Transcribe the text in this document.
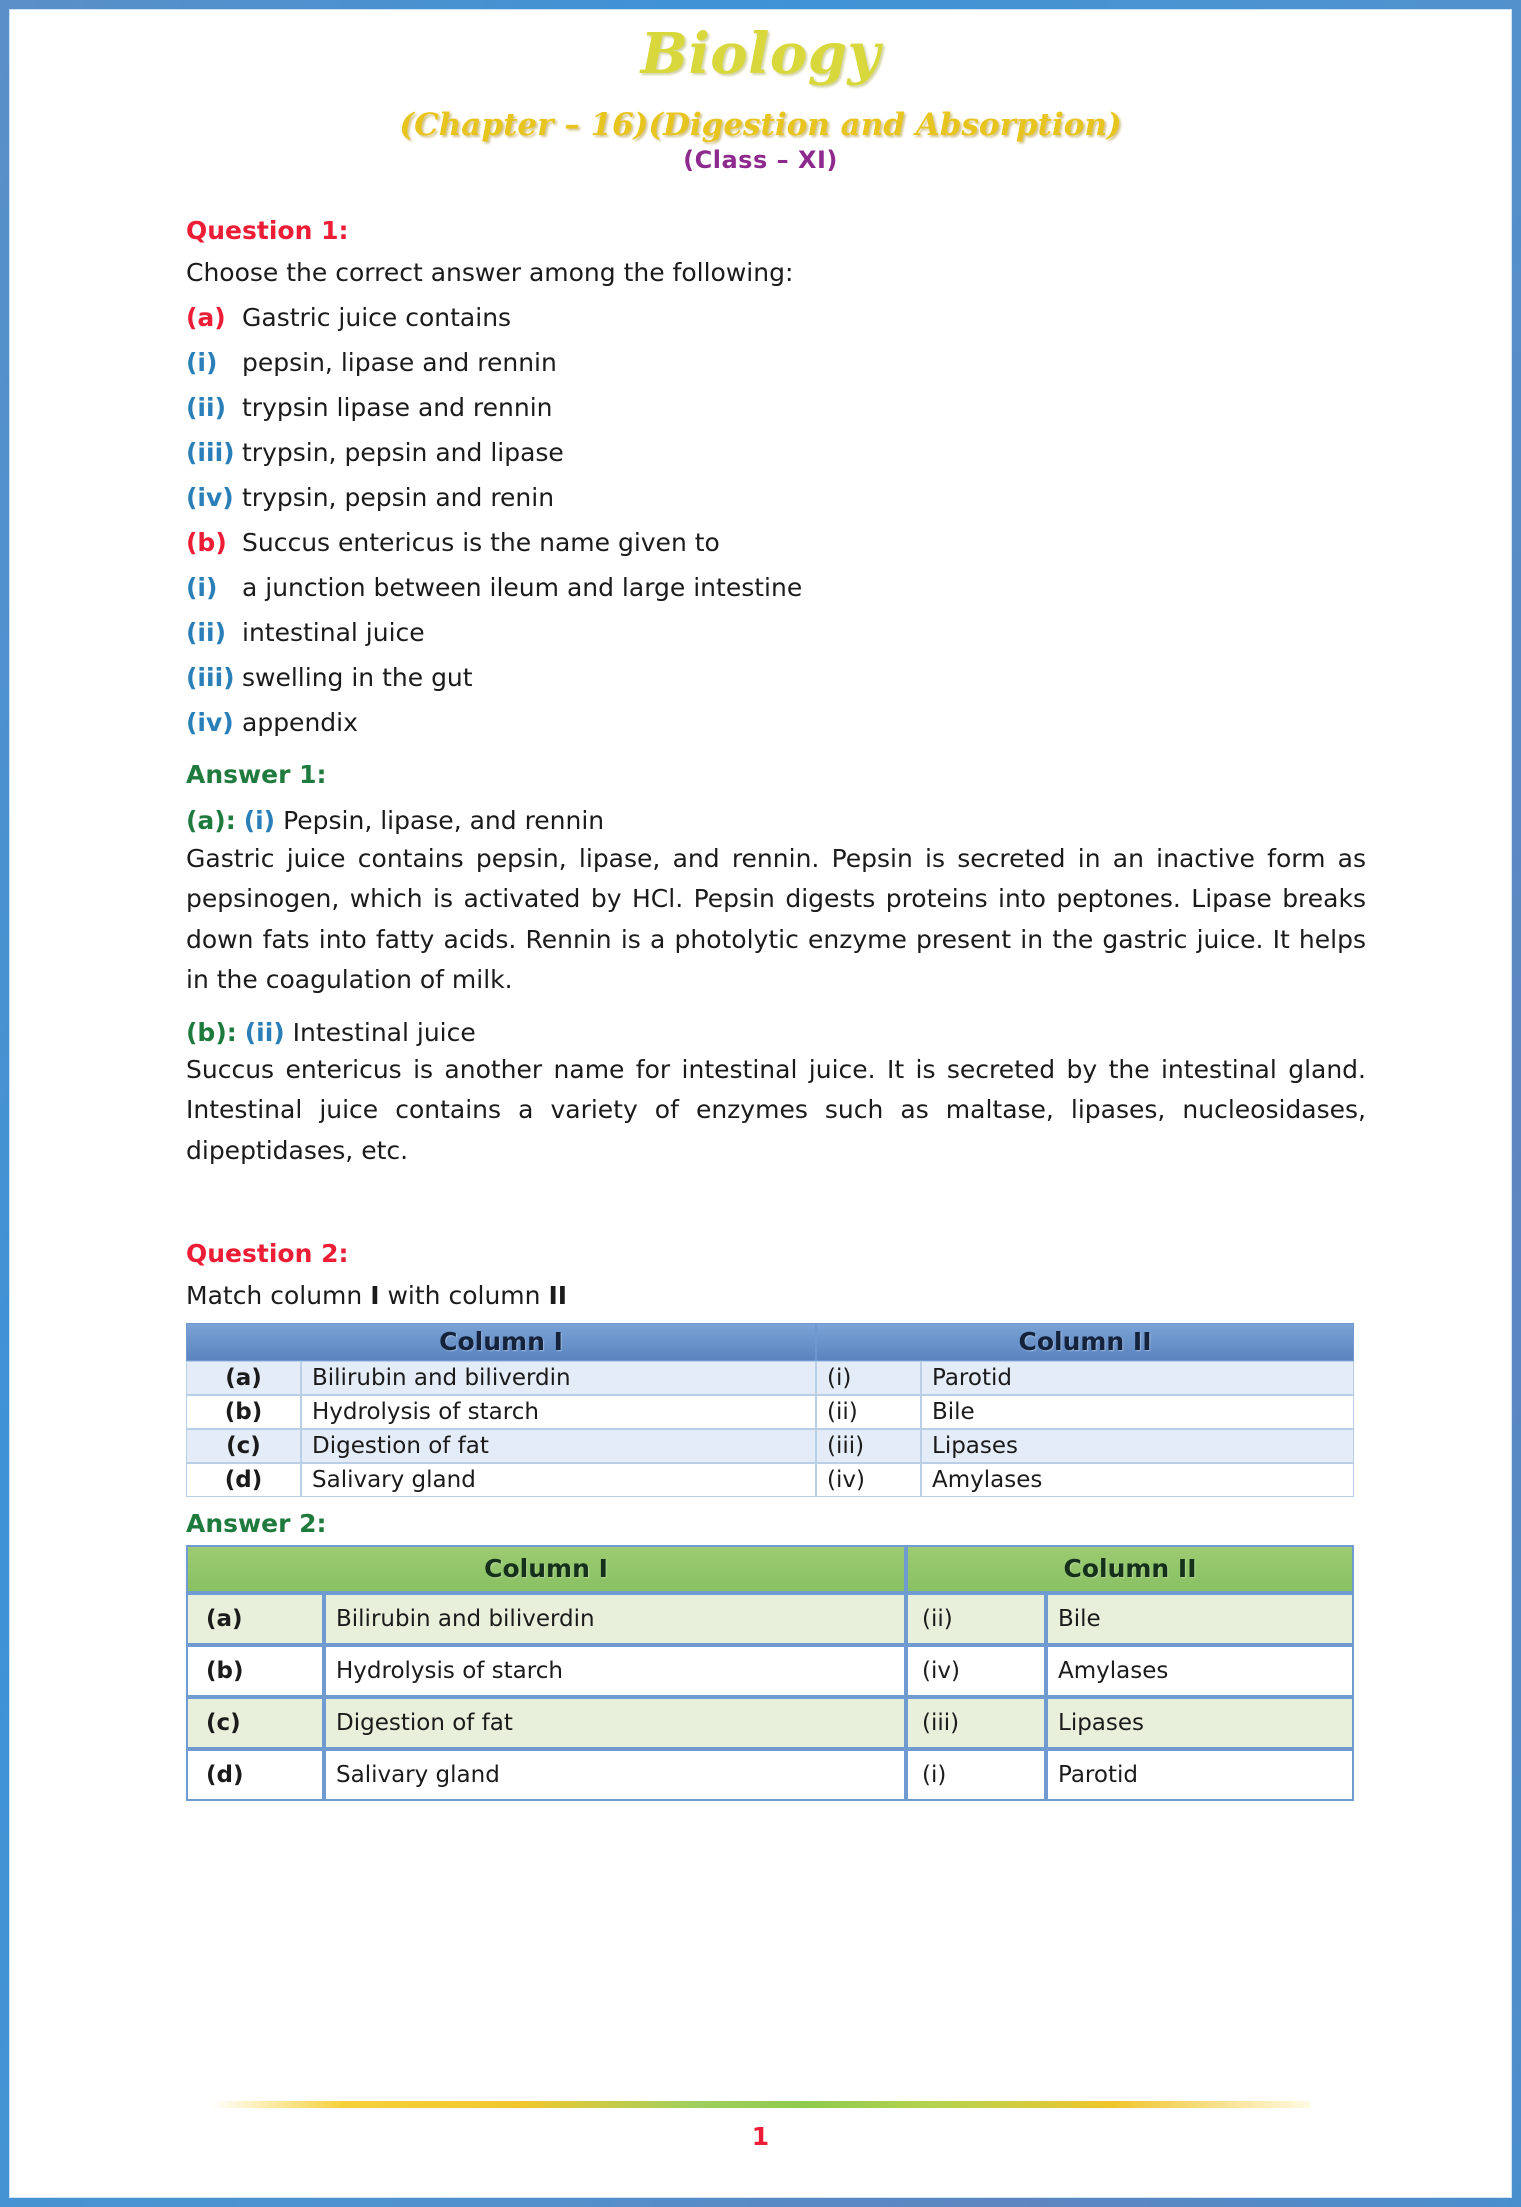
Biology
(Chapter – 16)(Digestion and Absorption)
(Class – XI)
Question 1:
Choose the correct answer among the following:
(a) Gastric juice contains
(i) pepsin, lipase and rennin
(ii) trypsin lipase and rennin
(iii) trypsin, pepsin and lipase
(iv) trypsin, pepsin and renin
(b) Succus entericus is the name given to
(i) a junction between ileum and large intestine
(ii) intestinal juice
(iii) swelling in the gut
(iv) appendix
Answer 1:
(a): (i) Pepsin, lipase, and rennin
Gastric juice contains pepsin, lipase, and rennin. Pepsin is secreted in an inactive form as pepsinogen, which is activated by HCl. Pepsin digests proteins into peptones. Lipase breaks down fats into fatty acids. Rennin is a photolytic enzyme present in the gastric juice. It helps in the coagulation of milk.
(b): (ii) Intestinal juice
Succus entericus is another name for intestinal juice. It is secreted by the intestinal gland. Intestinal juice contains a variety of enzymes such as maltase, lipases, nucleosidases, dipeptidases, etc.
Question 2:
Match column I with column II
Column I		Column II	
(a)	Bilirubin and biliverdin	(i)	Parotid
(b)	Hydrolysis of starch	(ii)	Bile
(c)	Digestion of fat	(iii)	Lipases
(d)	Salivary gland	(iv)	Amylases
Answer 2:
Column I		Column II	
(a)	Bilirubin and biliverdin	(ii)	Bile
(b)	Hydrolysis of starch	(iv)	Amylases
(c)	Digestion of fat	(iii)	Lipases
(d)	Salivary gland	(i)	Parotid
1
